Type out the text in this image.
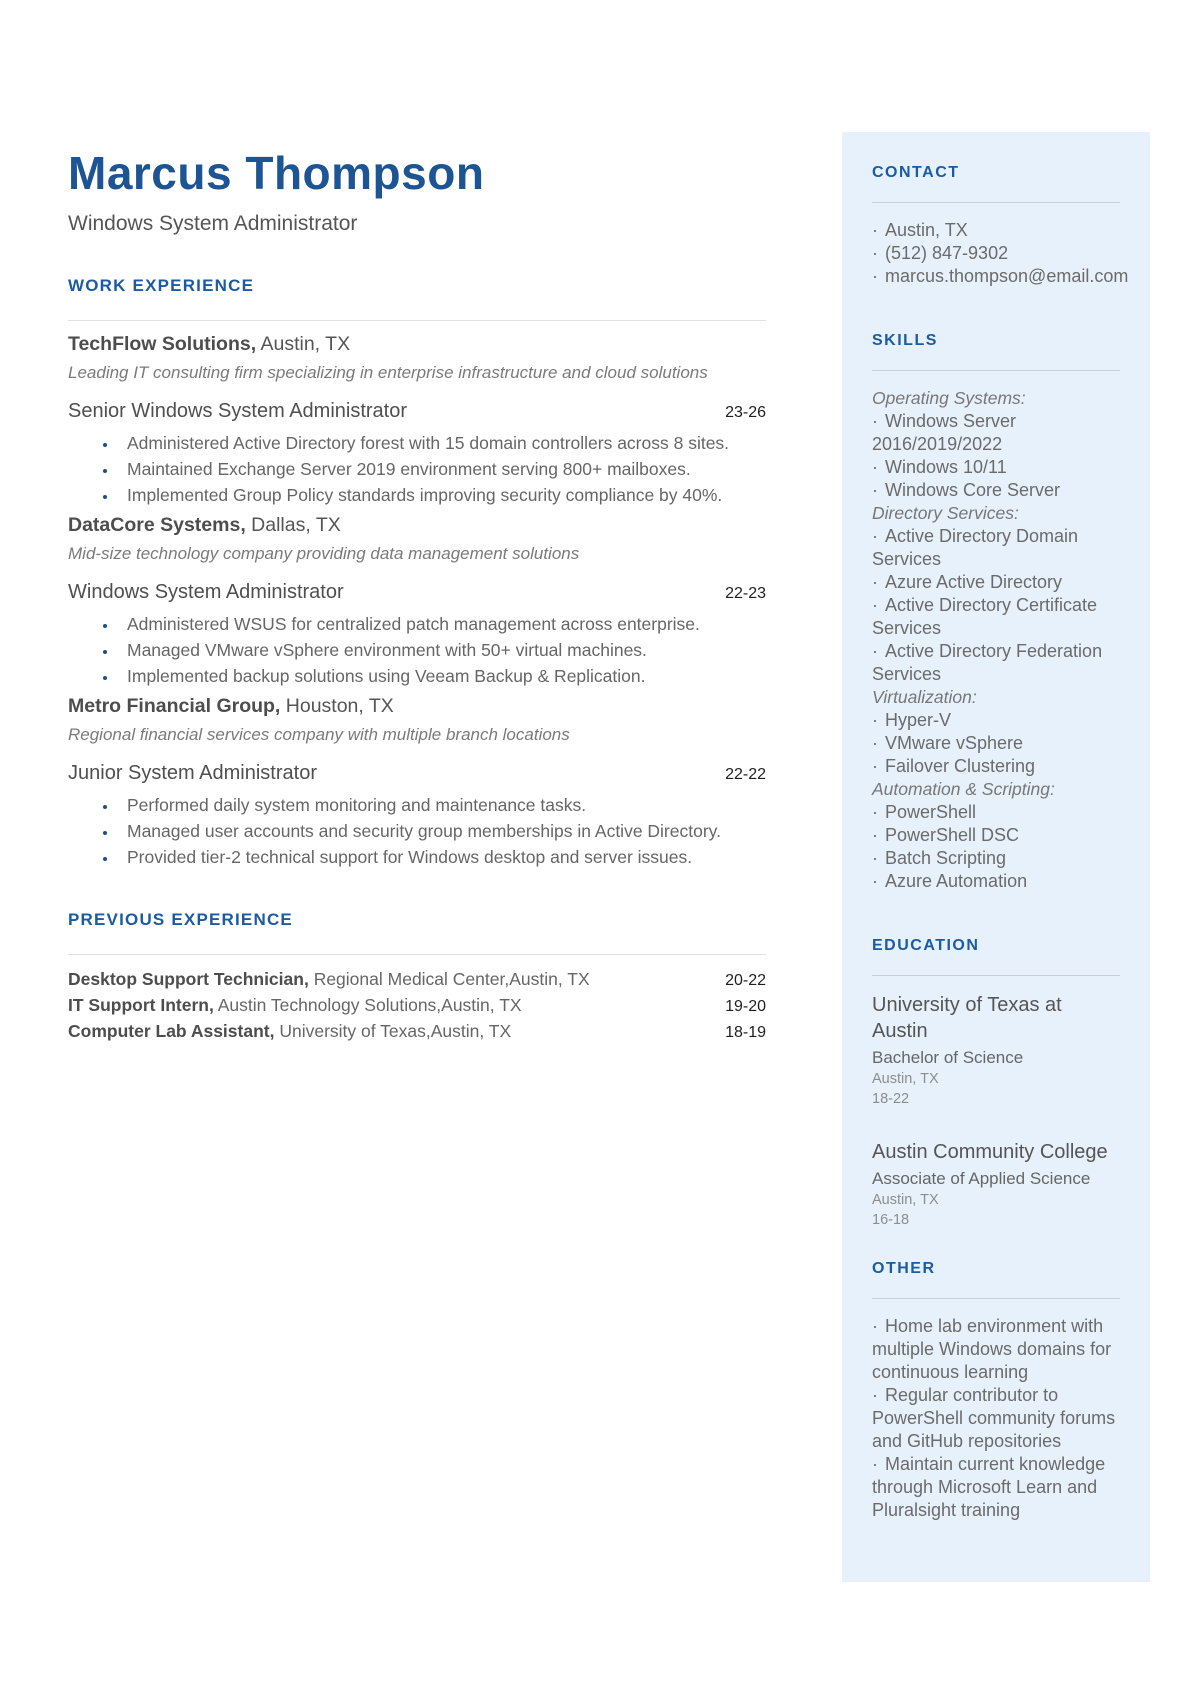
Marcus Thompson
Windows System Administrator
WORK EXPERIENCE
TechFlow Solutions, Austin, TX
Leading IT consulting firm specializing in enterprise infrastructure and cloud solutions
Senior Windows System Administrator	23-26
• Administered Active Directory forest with 15 domain controllers across 8 sites.
• Maintained Exchange Server 2019 environment serving 800+ mailboxes.
• Implemented Group Policy standards improving security compliance by 40%.
DataCore Systems, Dallas, TX
Mid-size technology company providing data management solutions
Windows System Administrator	22-23
• Administered WSUS for centralized patch management across enterprise.
• Managed VMware vSphere environment with 50+ virtual machines.
• Implemented backup solutions using Veeam Backup & Replication.
Metro Financial Group, Houston, TX
Regional financial services company with multiple branch locations
Junior System Administrator	22-22
• Performed daily system monitoring and maintenance tasks.
• Managed user accounts and security group memberships in Active Directory.
• Provided tier-2 technical support for Windows desktop and server issues.
PREVIOUS EXPERIENCE
Desktop Support Technician, Regional Medical Center,Austin, TX	20-22
IT Support Intern, Austin Technology Solutions,Austin, TX	19-20
Computer Lab Assistant, University of Texas,Austin, TX	18-19
CONTACT
· Austin, TX
· (512) 847-9302
· marcus.thompson@email.com
SKILLS
Operating Systems:
· Windows Server 2016/2019/2022
· Windows 10/11
· Windows Core Server
Directory Services:
· Active Directory Domain Services
· Azure Active Directory
· Active Directory Certificate Services
· Active Directory Federation Services
Virtualization:
· Hyper-V
· VMware vSphere
· Failover Clustering
Automation & Scripting:
· PowerShell
· PowerShell DSC
· Batch Scripting
· Azure Automation
EDUCATION
University of Texas at Austin
Bachelor of Science
Austin, TX
18-22
Austin Community College
Associate of Applied Science
Austin, TX
16-18
OTHER
· Home lab environment with multiple Windows domains for continuous learning
· Regular contributor to PowerShell community forums and GitHub repositories
· Maintain current knowledge through Microsoft Learn and Pluralsight training
